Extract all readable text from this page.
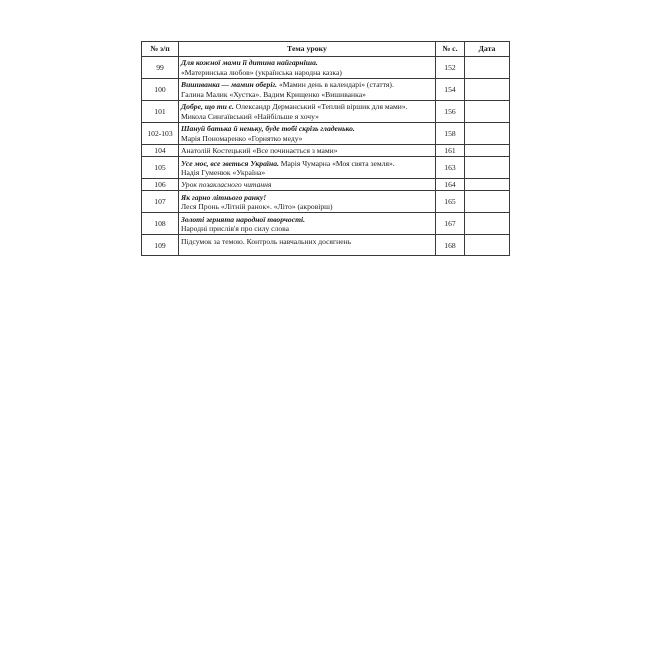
№ з/п	Тема уроку	№ с.	Дата
99	Для кожної мами її дитина найгарніша.
«Материнська любов» (українська народна казка)	152	
100	Вишиванка — мамин оберіг. «Мамин день в календарі» (стаття).
Галина Малик «Хустка». Вадим Крищенко «Вишиванка»	154	
101	Добре, що ти є. Олександр Дерманський «Теплий віршик для мами».
Микола Сингаївський «Найбільше я хочу»	156	
102-103	Шануй батька й неньку, буде тобі скрізь гладенько.
Марія Пономаренко «Горнятко меду»	158	
104	Анатолій Костецький «Все починається з мами»	161	
105	Усе моє, все зветься Україна. Марія Чумарна «Моя свята земля».
Надія Гуменюк «Україна»	163	
106	Урок позакласного читання	164	
107	Як гарно літнього ранку!
Леся Пронь «Літній ранок». «Літо» (акровірш)	165	
108	Золоті зернята народної творчості.
Народні прислів'я про силу слова	167	
109	Підсумок за темою. Контроль навчальних досягнень	168	
